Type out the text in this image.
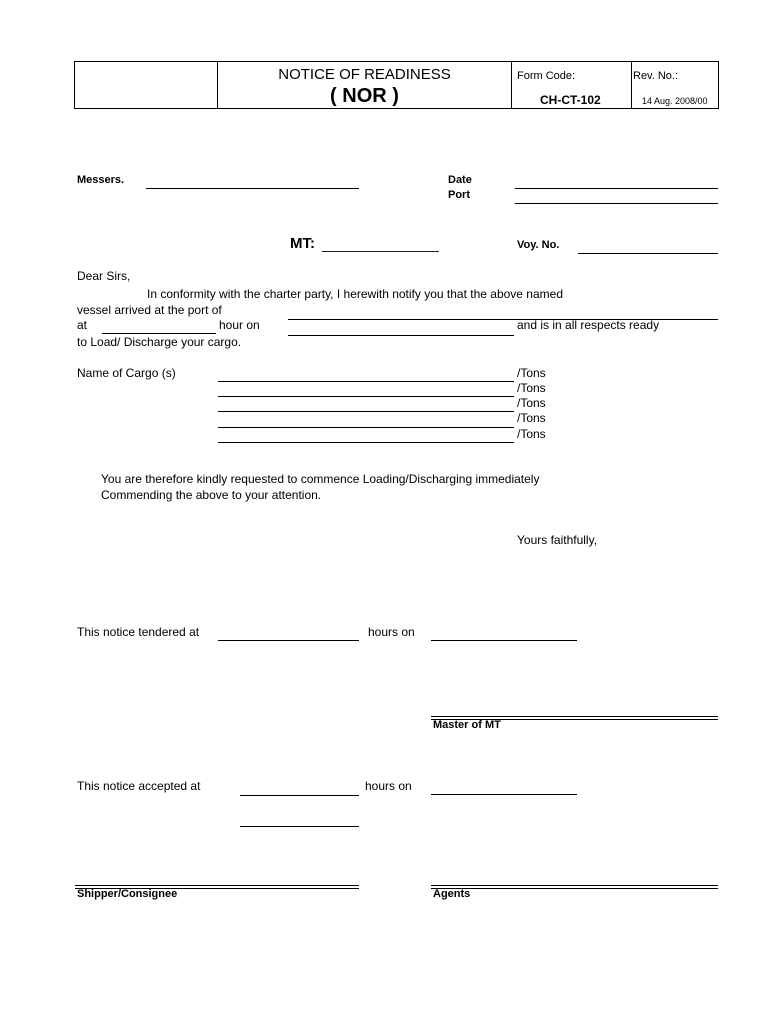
NOTICE OF READINESS
( NOR )
Form Code:
CH-CT-102
Rev. No.:
14 Aug. 2008/00
Messers.	Date
Port
MT: _______________	Voy. No.
Dear Sirs,
In conformity with the charter party, I herewith notify you that the above named
vessel arrived at the port of
at	hour on	and is in all respects ready
to Load/ Discharge your cargo.
Name of Cargo (s)	/Tons
/Tons
/Tons
/Tons
/Tons
You are therefore kindly requested to commence Loading/Discharging immediately
Commending the above to your attention.
Yours faithfully,
This notice tendered at	hours on
Master of MT
This notice accepted at	hours on
Shipper/Consignee	Agents
